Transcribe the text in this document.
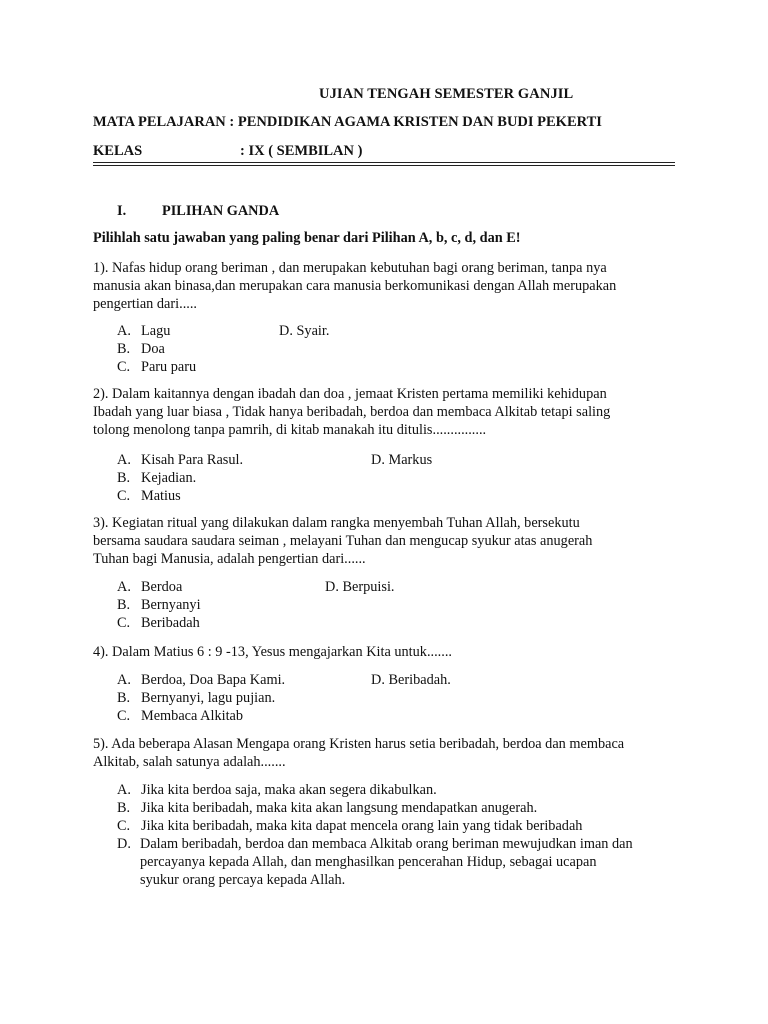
UJIAN TENGAH SEMESTER GANJIL
MATA PELAJARAN : PENDIDIKAN AGAMA KRISTEN DAN BUDI PEKERTI
KELAS	: IX ( SEMBILAN )
I.	PILIHAN GANDA
Pilihlah satu jawaban yang paling benar dari Pilihan A, b, c, d, dan E!
1). Nafas hidup orang beriman , dan merupakan kebutuhan bagi orang beriman, tanpa nya
manusia akan binasa,dan merupakan cara manusia berkomunikasi dengan Allah merupakan
pengertian dari.....
A. Lagu
B. Doa
C. Paru paru
D. Syair.
2). Dalam kaitannya dengan ibadah dan doa , jemaat Kristen pertama memiliki kehidupan
Ibadah yang luar biasa , Tidak hanya beribadah, berdoa dan membaca Alkitab tetapi saling
tolong menolong tanpa pamrih, di kitab manakah itu ditulis...............
A. Kisah Para Rasul.
B. Kejadian.
C. Matius
D. Markus
3). Kegiatan ritual yang dilakukan dalam rangka menyembah Tuhan Allah, bersekutu
bersama saudara saudara seiman , melayani Tuhan dan mengucap syukur atas anugerah
Tuhan bagi Manusia, adalah pengertian dari......
A. Berdoa
B. Bernyanyi
C. Beribadah
D. Berpuisi.
4). Dalam Matius 6 : 9 -13, Yesus mengajarkan Kita untuk.......
A. Berdoa, Doa Bapa Kami.
B. Bernyanyi, lagu pujian.
C. Membaca Alkitab
D. Beribadah.
5). Ada beberapa Alasan Mengapa orang Kristen harus setia beribadah, berdoa dan membaca
Alkitab, salah satunya adalah.......
A. Jika kita berdoa saja, maka akan segera dikabulkan.
B. Jika kita beribadah, maka kita akan langsung mendapatkan anugerah.
C. Jika kita beribadah, maka kita dapat mencela orang lain yang tidak beribadah
D. Dalam beribadah, berdoa dan membaca Alkitab orang beriman mewujudkan iman dan
percayanya kepada Allah, dan menghasilkan pencerahan Hidup, sebagai ucapan
syukur orang percaya kepada Allah.
